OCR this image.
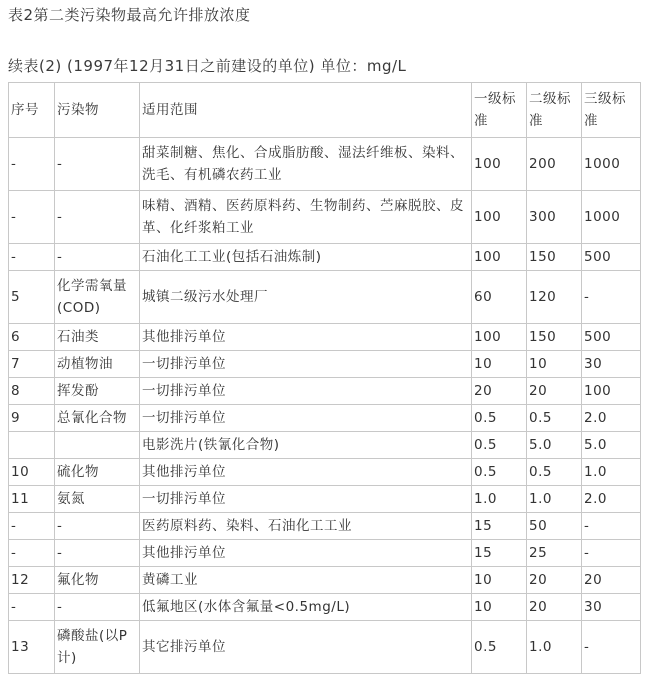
表2第二类污染物最高允许排放浓度
续表(2) (1997年12月31日之前建设的单位) 单位：mg/L
序号	污染物	适用范围	一级标准	二级标准	三级标准
-	-	甜菜制糖、焦化、合成脂肪酸、湿法纤维板、染料、洗毛、有机磷农药工业	100	200	1000
-	-	味精、酒精、医药原料药、生物制药、苎麻脱胶、皮革、化纤浆粕工业	100	300	1000
-	-	石油化工工业(包括石油炼制)	100	150	500
5	化学需氧量(COD)	城镇二级污水处理厂	60	120	-
6	石油类	其他排污单位	100	150	500
7	动植物油	一切排污单位	10	10	30
8	挥发酚	一切排污单位	20	20	100
9	总氰化合物	一切排污单位	0.5	0.5	2.0
		电影洗片(铁氰化合物)	0.5	5.0	5.0
10	硫化物	其他排污单位	0.5	0.5	1.0
11	氨氮	一切排污单位	1.0	1.0	2.0
-	-	医药原料药、染料、石油化工工业	15	50	-
-	-	其他排污单位	15	25	-
12	氟化物	黄磷工业	10	20	20
-	-	低氟地区(水体含氟量<0.5mg/L)	10	20	30
13	磷酸盐(以P计)	其它排污单位	0.5	1.0	-
